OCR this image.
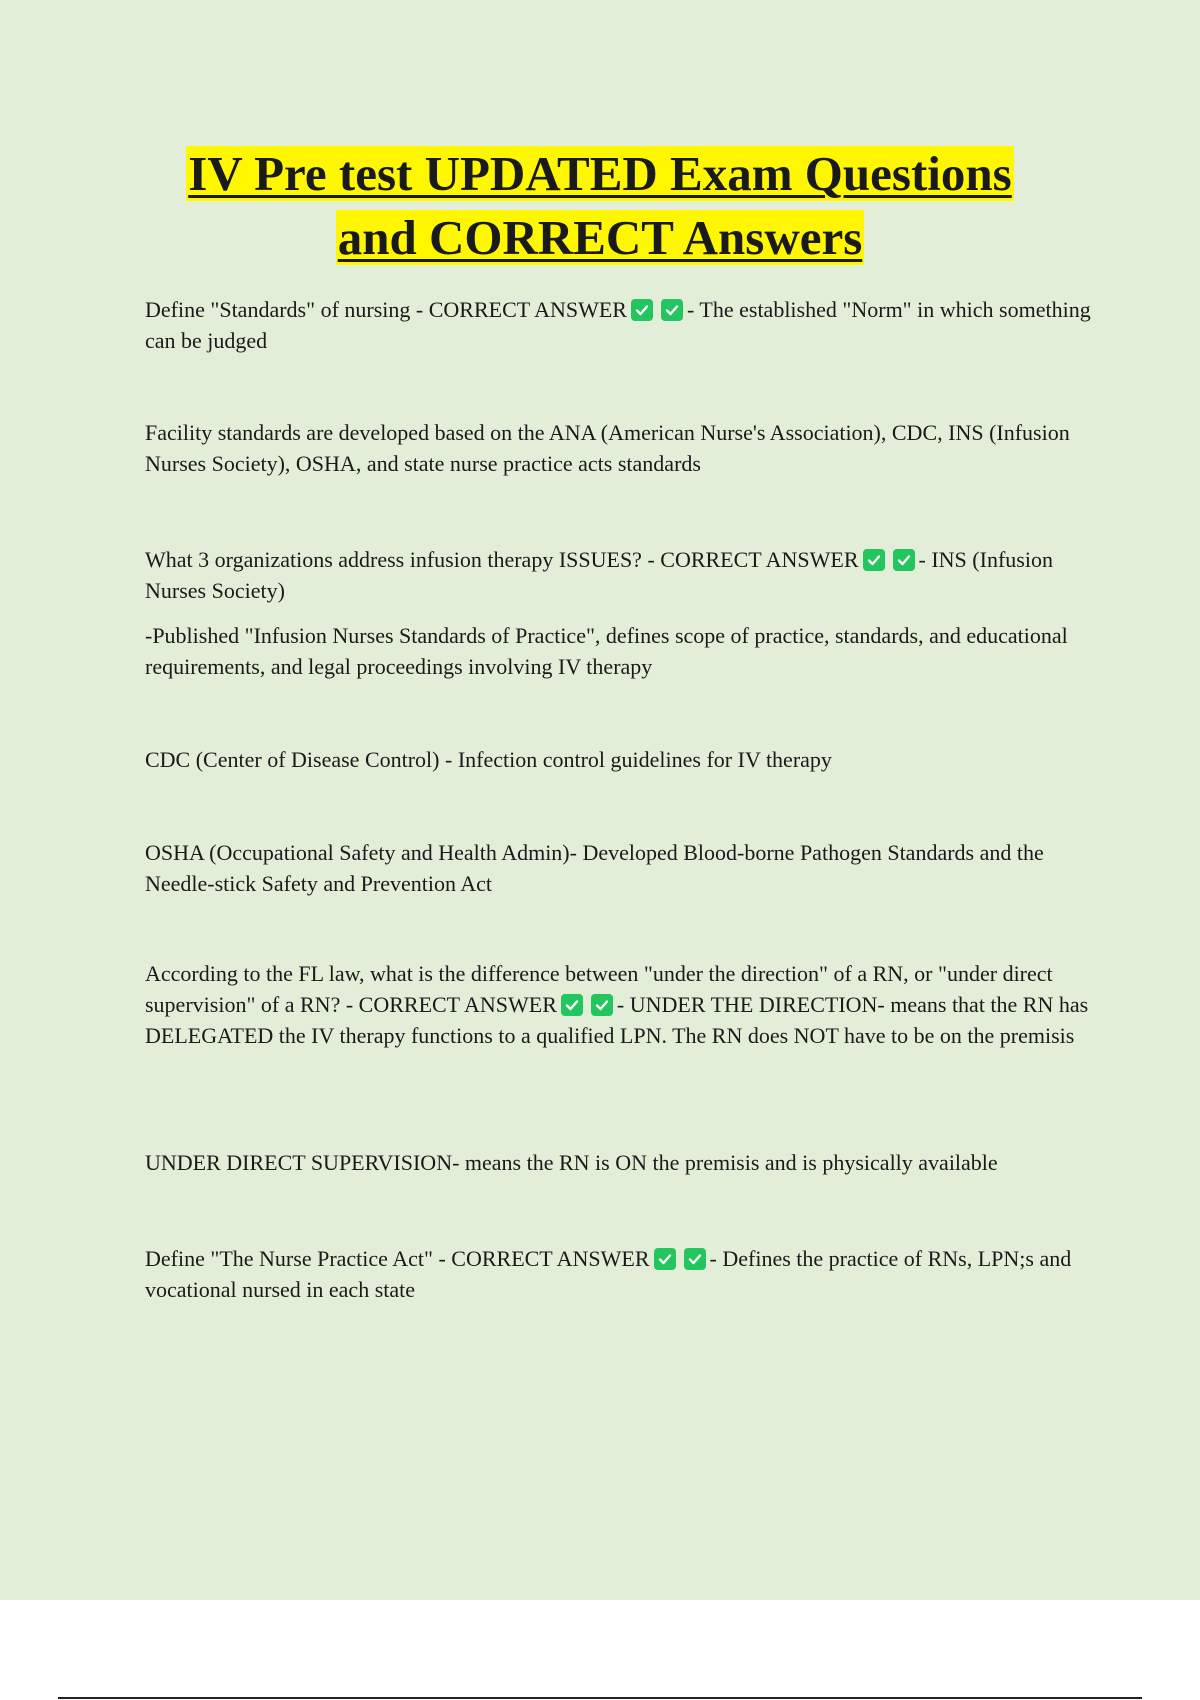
IV Pre test UPDATED Exam Questions
and CORRECT Answers

Define "Standards" of nursing - CORRECT ANSWER	- The established "Norm" in which something can be judged

Facility standards are developed based on the ANA (American Nurse's Association), CDC, INS (Infusion Nurses Society), OSHA, and state nurse practice acts standards

What 3 organizations address infusion therapy ISSUES? - CORRECT ANSWER	- INS (Infusion Nurses Society)

-Published "Infusion Nurses Standards of Practice", defines scope of practice, standards, and educational requirements, and legal proceedings involving IV therapy

CDC (Center of Disease Control) - Infection control guidelines for IV therapy

OSHA (Occupational Safety and Health Admin)- Developed Blood-borne Pathogen Standards and the Needle-stick Safety and Prevention Act

According to the FL law, what is the difference between "under the direction" of a RN, or "under direct supervision" of a RN? - CORRECT ANSWER	- UNDER THE DIRECTION- means that the RN has DELEGATED the IV therapy functions to a qualified LPN. The RN does NOT have to be on the premisis

UNDER DIRECT SUPERVISION- means the RN is ON the premisis and is physically available

Define "The Nurse Practice Act" - CORRECT ANSWER	- Defines the practice of RNs, LPN;s and vocational nursed in each state
